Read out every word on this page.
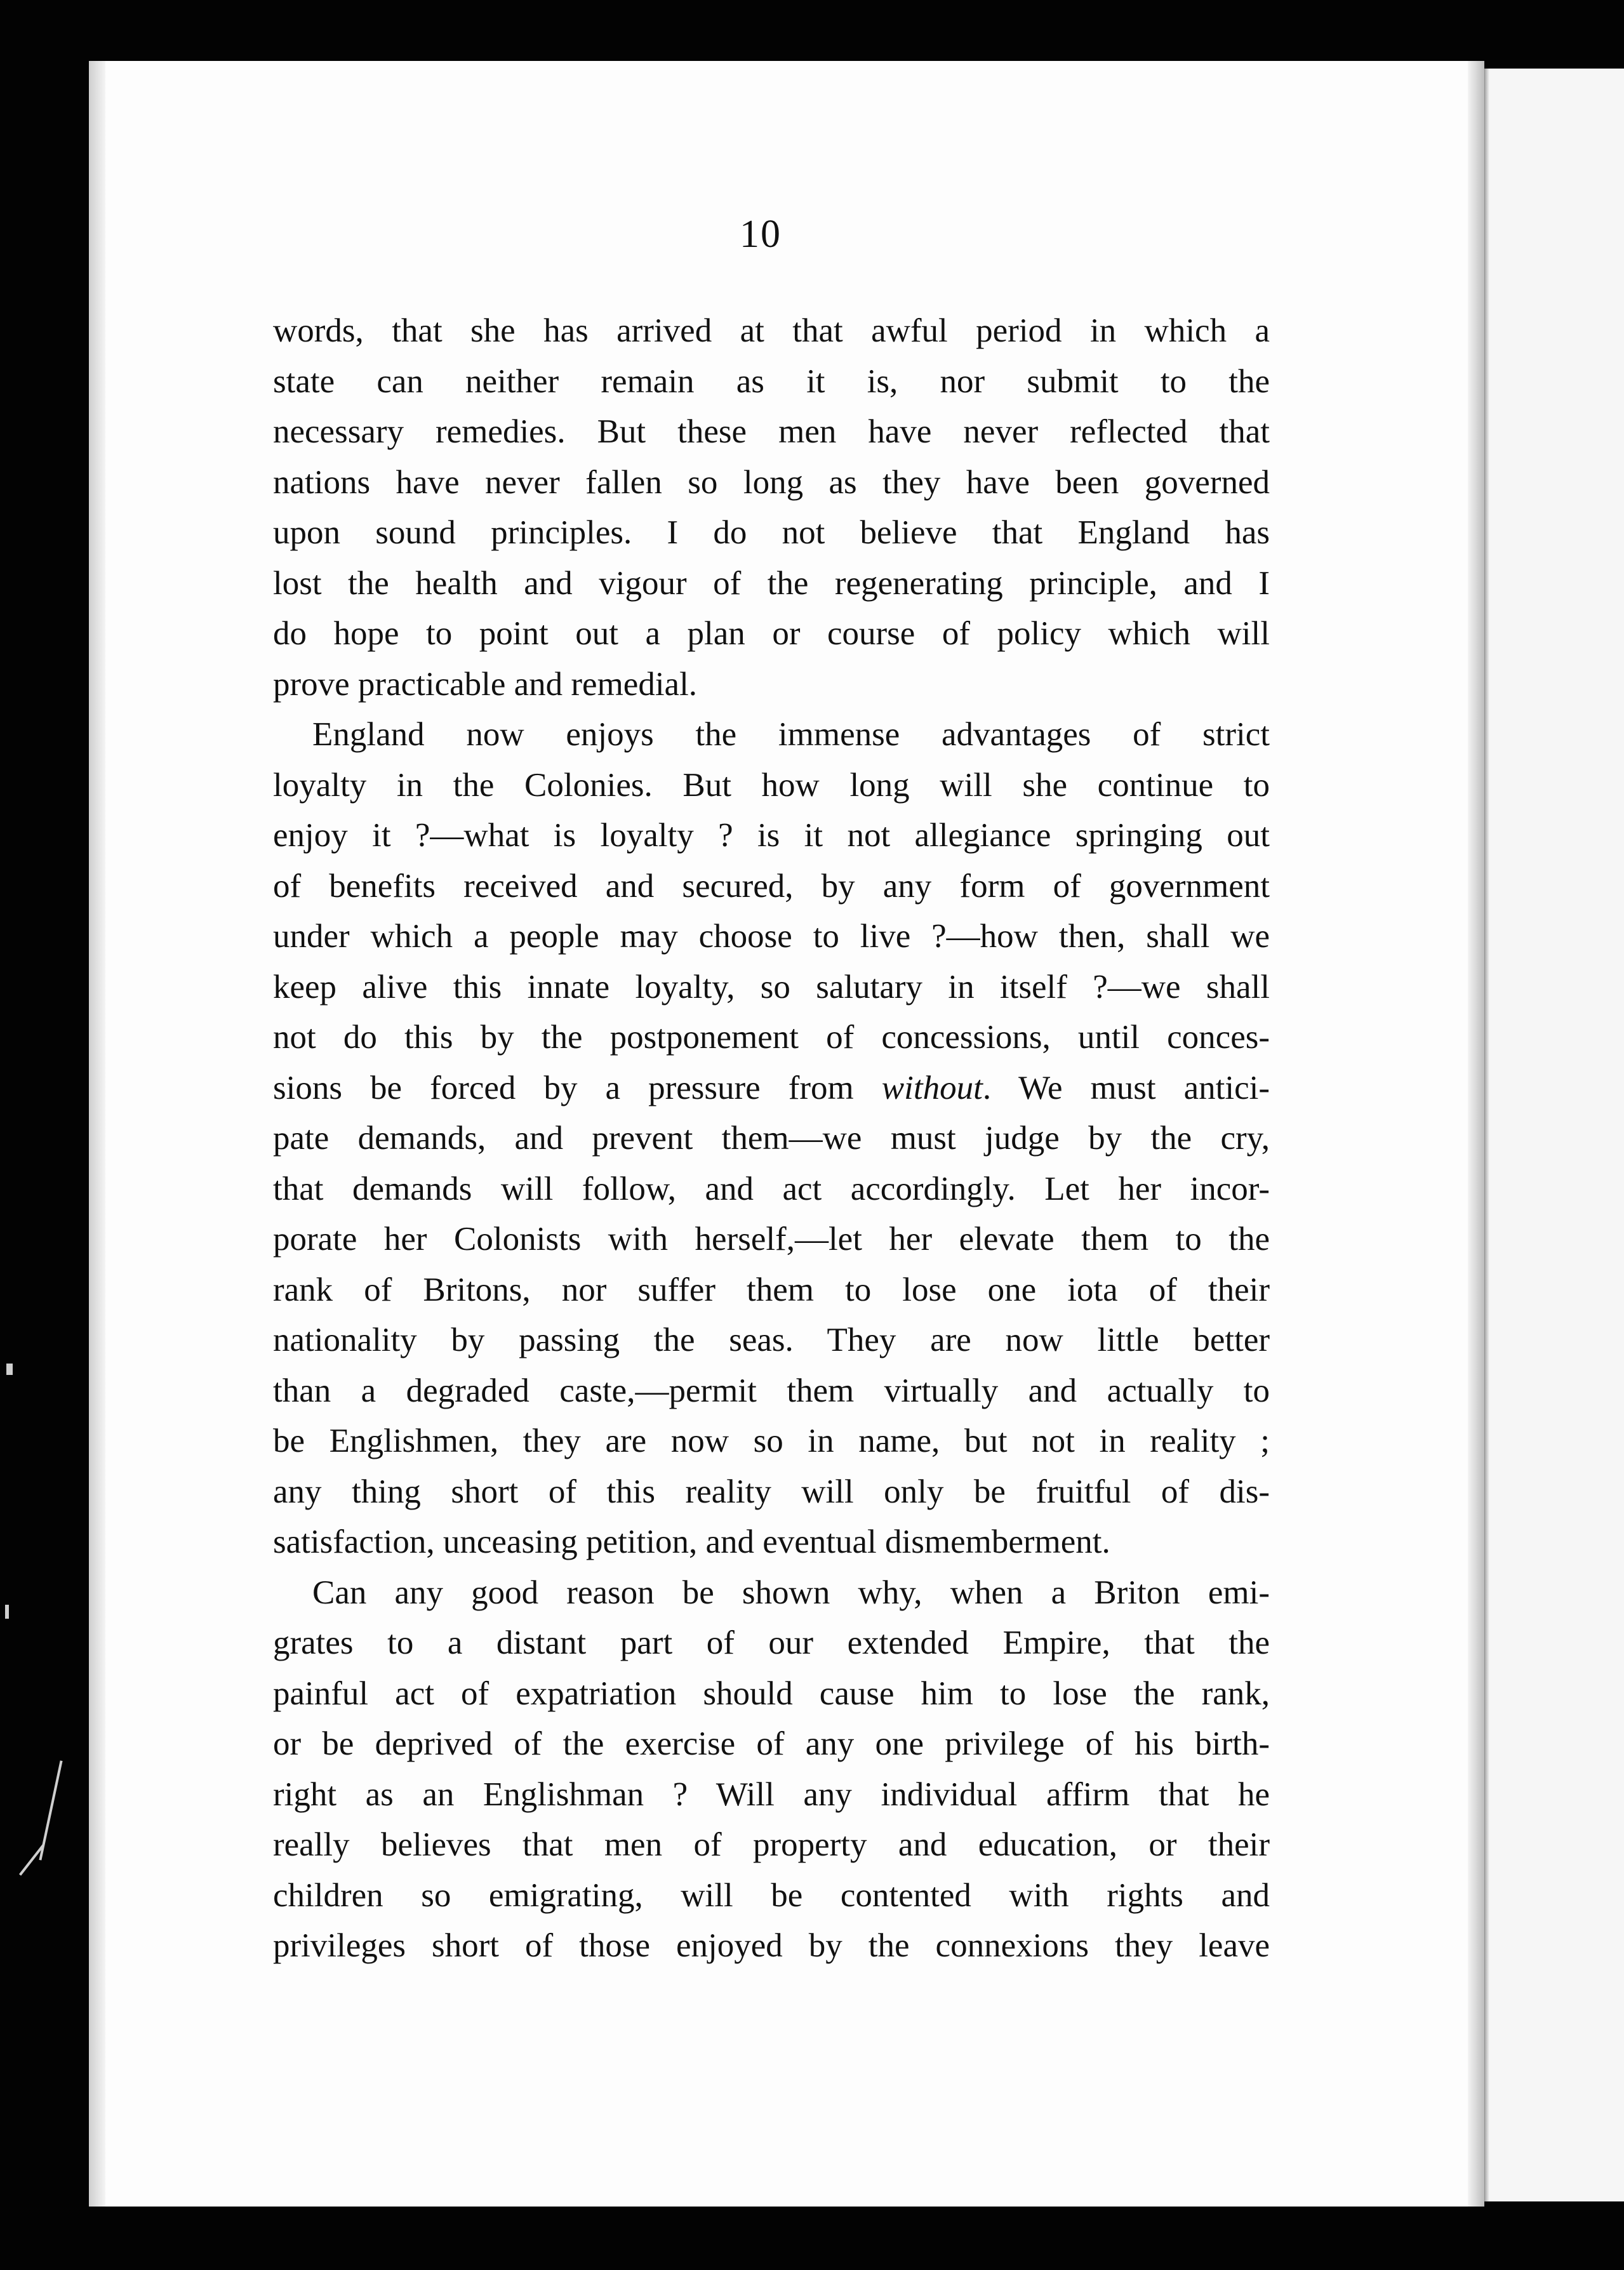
10
words, that she has arrived at that awful period in which a
state can neither remain as it is, nor submit to the
necessary remedies. But these men have never reflected that
nations have never fallen so long as they have been governed
upon sound principles. I do not believe that England has
lost the health and vigour of the regenerating principle, and I
do hope to point out a plan or course of policy which will
prove practicable and remedial.
England now enjoys the immense advantages of strict
loyalty in the Colonies. But how long will she continue to
enjoy it ?—what is loyalty ? is it not allegiance springing out
of benefits received and secured, by any form of government
under which a people may choose to live ?—how then, shall we
keep alive this innate loyalty, so salutary in itself ?—we shall
not do this by the postponement of concessions, until conces-
sions be forced by a pressure from without. We must antici-
pate demands, and prevent them—we must judge by the cry,
that demands will follow, and act accordingly. Let her incor-
porate her Colonists with herself,—let her elevate them to the
rank of Britons, nor suffer them to lose one iota of their
nationality by passing the seas. They are now little better
than a degraded caste,—permit them virtually and actually to
be Englishmen, they are now so in name, but not in reality ;
any thing short of this reality will only be fruitful of dis-
satisfaction, unceasing petition, and eventual dismemberment.
Can any good reason be shown why, when a Briton emi-
grates to a distant part of our extended Empire, that the
painful act of expatriation should cause him to lose the rank,
or be deprived of the exercise of any one privilege of his birth-
right as an Englishman ? Will any individual affirm that he
really believes that men of property and education, or their
children so emigrating, will be contented with rights and
privileges short of those enjoyed by the connexions they leave
